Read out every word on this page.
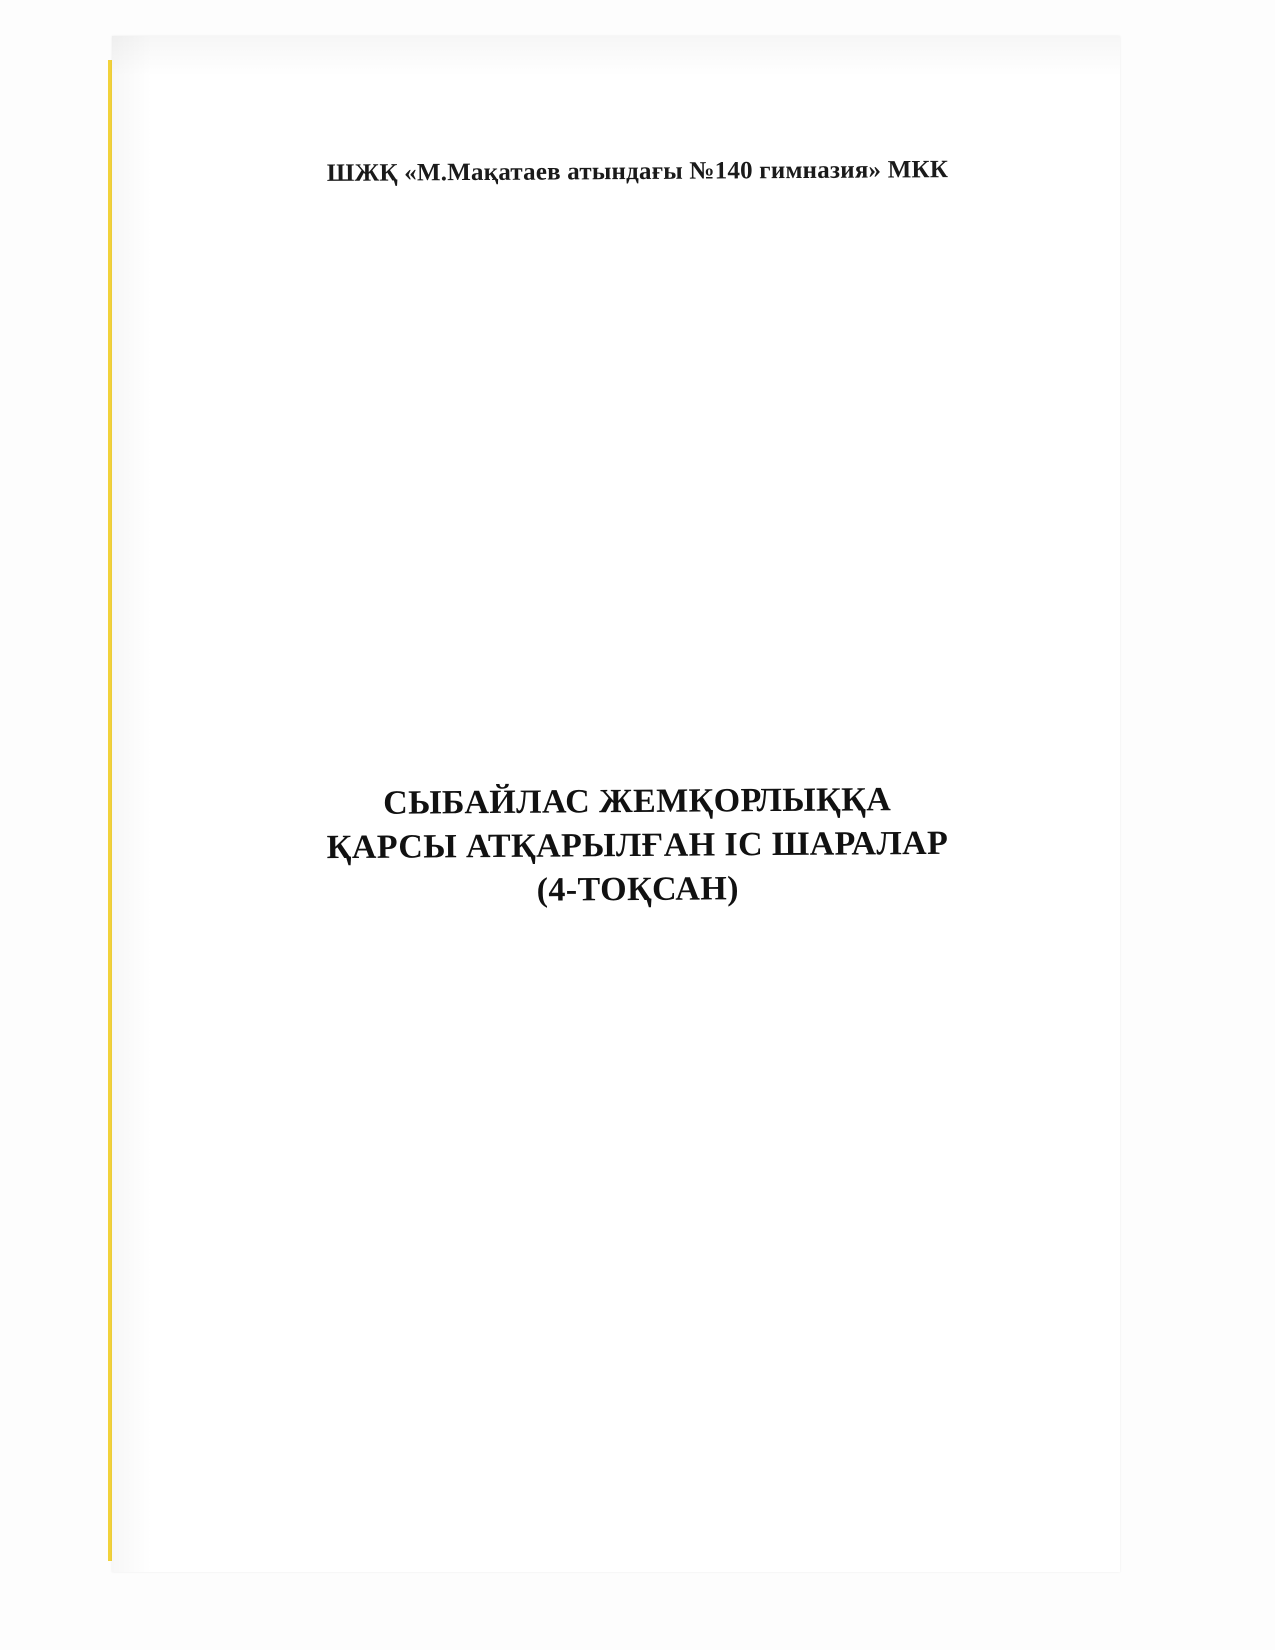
ШЖҚ «М.Мақатаев атындағы №140 гимназия» МКК
СЫБАЙЛАС ЖЕМҚОРЛЫҚҚА
ҚАРСЫ АТҚАРЫЛҒАН ІС ШАРАЛАР
(4-ТОҚСАН)
